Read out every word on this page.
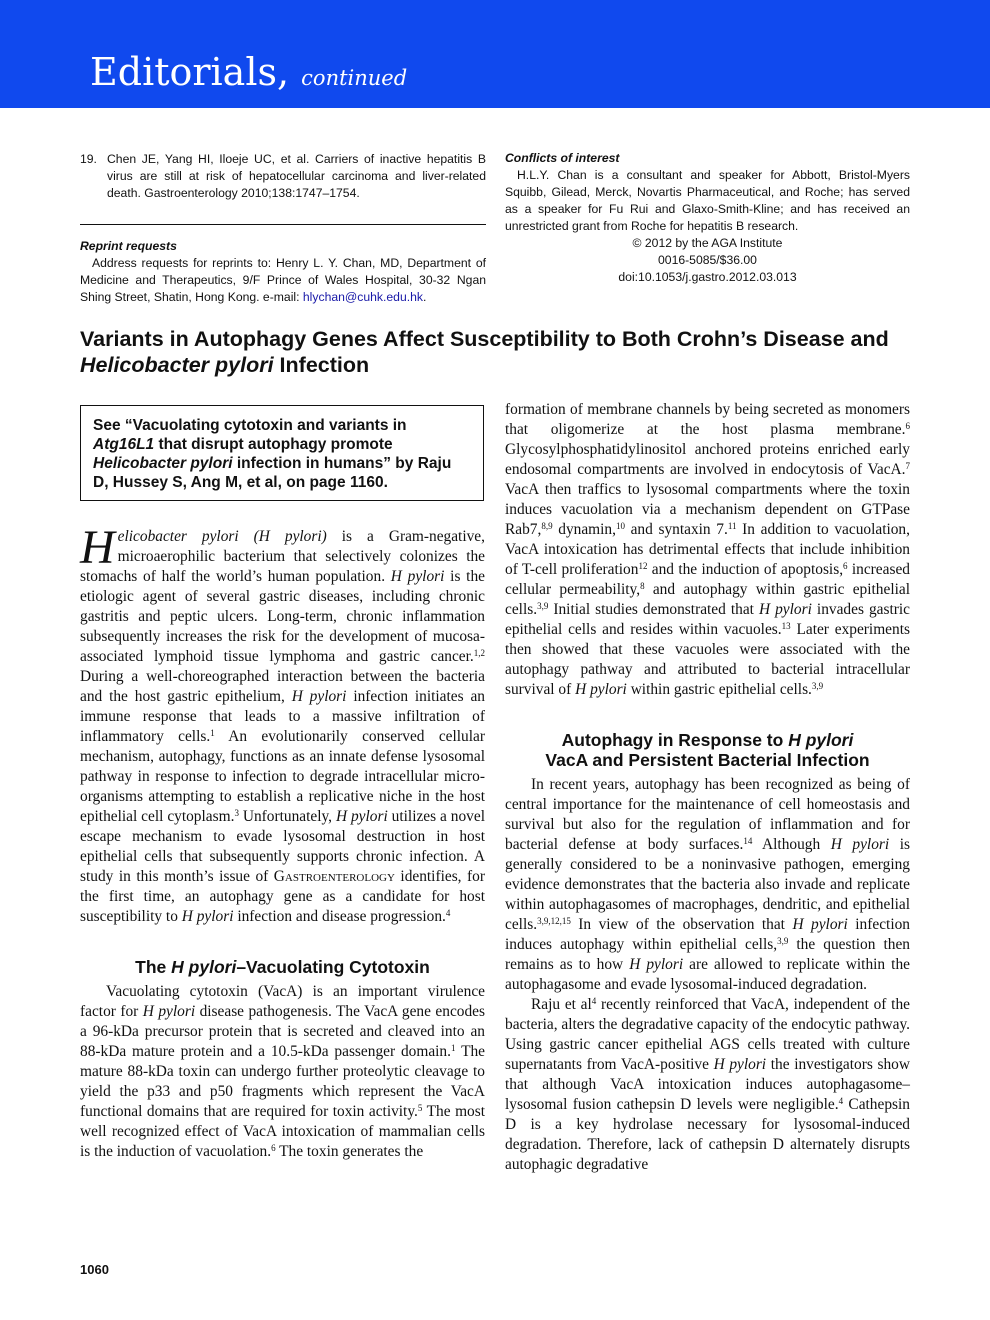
Editorials, continued
19. Chen JE, Yang HI, Iloeje UC, et al. Carriers of inactive hepatitis B virus are still at risk of hepatocellular carcinoma and liver-related death. Gastroenterology 2010;138:1747–1754.
Reprint requests

Address requests for reprints to: Henry L. Y. Chan, MD, Department of Medicine and Therapeutics, 9/F Prince of Wales Hospital, 30-32 Ngan Shing Street, Shatin, Hong Kong. e-mail: hlychan@cuhk.edu.hk.

Conflicts of interest

H.L.Y. Chan is a consultant and speaker for Abbott, Bristol-Myers Squibb, Gilead, Merck, Novartis Pharmaceutical, and Roche; has served as a speaker for Fu Rui and Glaxo-Smith-Kline; and has received an unrestricted grant from Roche for hepatitis B research.

© 2012 by the AGA Institute

0016-5085/$36.00

doi:10.1053/j.gastro.2012.03.013

Variants in Autophagy Genes Affect Susceptibility to Both Crohn’s Disease and Helicobacter pylori Infection
See “Vacuolating cytotoxin and variants in Atg16L1 that disrupt autophagy promote Helicobacter pylori infection in humans” by Raju D, Hussey S, Ang M, et al, on page 1160.

Helicobacter pylori (H pylori) is a Gram-negative, microaerophilic bacterium that selectively colonizes the stomachs of half the world’s human population. H pylori is the etiologic agent of several gastric diseases, including chronic gastritis and peptic ulcers. Long-term, chronic inflammation subsequently increases the risk for the development of mucosa-associated lymphoid tissue lymphoma and gastric cancer.$^{1,2}$ During a well-choreographed interaction between the bacteria and the host gastric epithelium, H pylori infection initiates an immune response that leads to a massive infiltration of inflammatory cells.$^1$ An evolutionarily conserved cellular mechanism, autophagy, functions as an innate defense lysosomal pathway in response to infection to degrade intracellular micro-organisms attempting to establish a replicative niche in the host epithelial cell cytoplasm.$^3$ Unfortunately, H pylori utilizes a novel escape mechanism to evade lysosomal destruction in host epithelial cells that subsequently supports chronic infection. A study in this month’s issue of Gastroenterology identifies, for the first time, an autophagy gene as a candidate for host susceptibility to H pylori infection and disease progression.$^4$

The H pylori–Vacuolating Cytotoxin

Vacuolating cytotoxin (VacA) is an important virulence factor for H pylori disease pathogenesis. The VacA gene encodes a 96-kDa precursor protein that is secreted and cleaved into an 88-kDa mature protein and a 10.5-kDa passenger domain.$^1$ The mature 88-kDa toxin can undergo further proteolytic cleavage to yield the p33 and p50 fragments which represent the VacA functional domains that are required for toxin activity.$^5$ The most well recognized effect of VacA intoxication of mammalian cells is the induction of vacuolation.$^6$ The toxin generates the

formation of membrane channels by being secreted as monomers that oligomerize at the host plasma membrane.$^6$ Glycosylphosphatidylinositol anchored proteins enriched early endosomal compartments are involved in endocytosis of VacA.$^7$ VacA then traffics to lysosomal compartments where the toxin induces vacuolation via a mechanism dependent on GTPase Rab7,$^{8,9}$ dynamin,$^{10}$ and syntaxin 7.11 In addition to vacuolation, VacA intoxication has detrimental effects that include inhibition of T-cell proliferation$^{12}$ and the induction of apoptosis,$^6$ increased cellular permeability,$^8$ and autophagy within gastric epithelial cells.$^{3,9}$ Initial studies demonstrated that H pylori invades gastric epithelial cells and resides within vacuoles.$^{13}$ Later experiments then showed that these vacuoles were associated with the autophagy pathway and attributed to bacterial intracellular survival of H pylori within gastric epithelial cells.$^{3,9}$

Autophagy in Response to H pylori
VacA and Persistent Bacterial Infection

In recent years, autophagy has been recognized as being of central importance for the maintenance of cell homeostasis and survival but also for the regulation of inflammation and for bacterial defense at body surfaces.$^{14}$ Although H pylori is generally considered to be a noninvasive pathogen, emerging evidence demonstrates that the bacteria also invade and replicate within autophagasomes of macrophages, dendritic, and epithelial cells.$^{3,9,12,15}$ In view of the observation that H pylori infection induces autophagy within epithelial cells,$^{3,9}$ the question then remains as to how H pylori are allowed to replicate within the autophagasome and evade lysosomal-induced degradation.

Raju et $al^4$ recently reinforced that VacA, independent of the bacteria, alters the degradative capacity of the endocytic pathway. Using gastric cancer epithelial AGS cells treated with culture supernatants from VacA-positive H pylori the investigators show that although VacA intoxication induces autophagasome–lysosomal fusion cathepsin D levels were negligible.$^4$ Cathepsin D is a key hydrolase necessary for lysosomal-induced degradation. Therefore, lack of cathepsin D alternately disrupts autophagic degradative

1060
